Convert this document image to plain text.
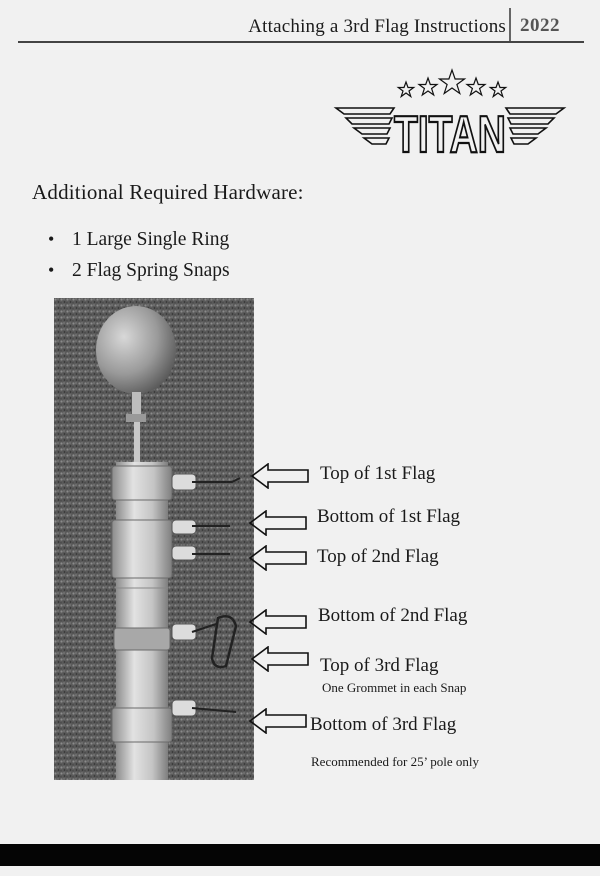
Attaching a 3rd Flag Instructions 2022
TITAN
Additional Required Hardware:
• 1 Large Single Ring
• 2 Flag Spring Snaps
Top of 1st Flag
Bottom of 1st Flag
Top of 2nd Flag
Bottom of 2nd Flag
Top of 3rd Flag
One Grommet in each Snap
Bottom of 3rd Flag
Recommended for 25’ pole only
